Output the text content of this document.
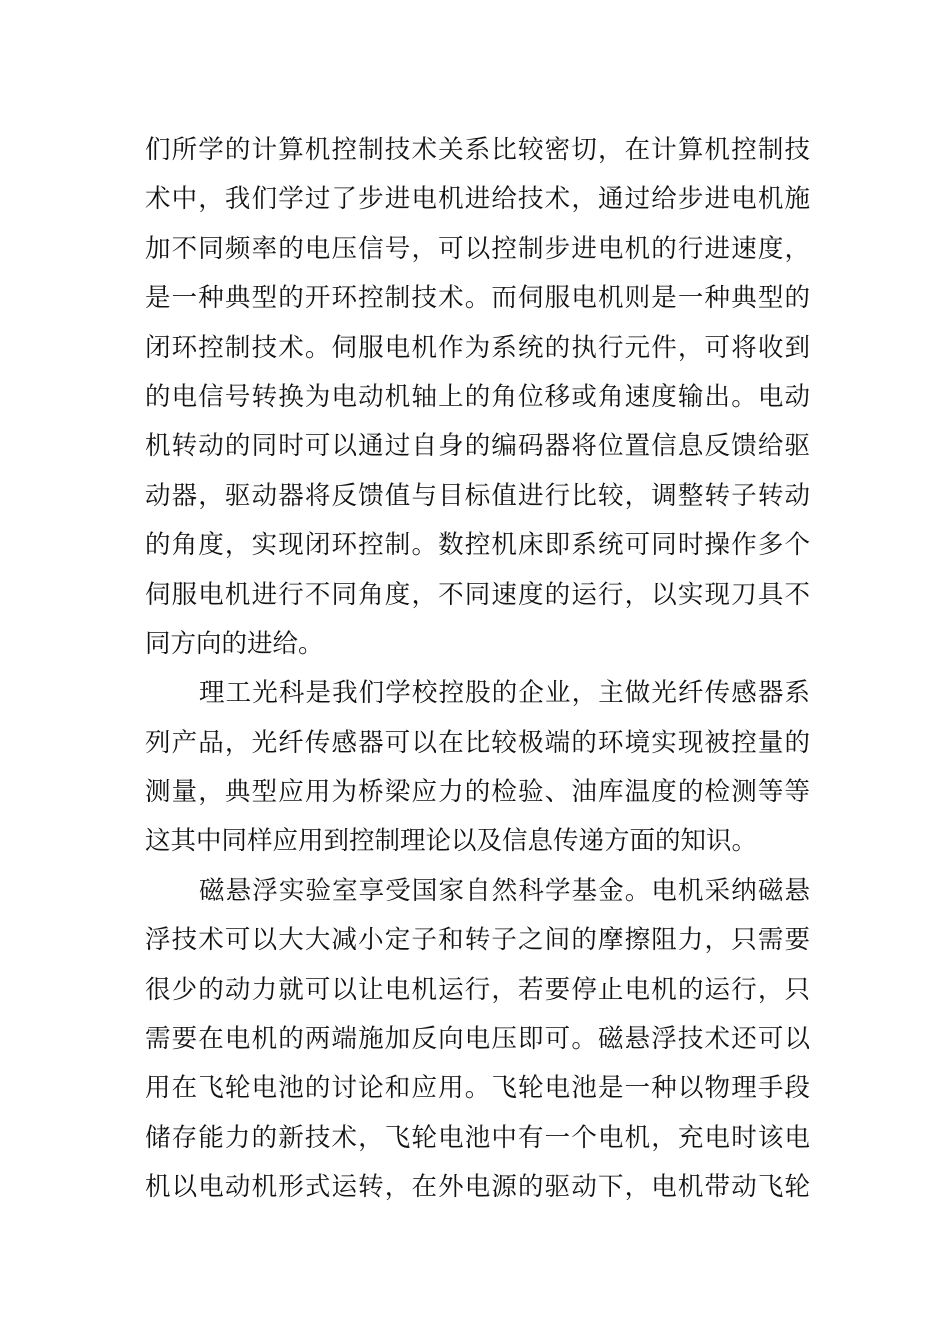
们所学的计算机控制技术关系比较密切，在计算机控制技
术中，我们学过了步进电机进给技术，通过给步进电机施
加不同频率的电压信号，可以控制步进电机的行进速度，
是一种典型的开环控制技术。而伺服电机则是一种典型的
闭环控制技术。伺服电机作为系统的执行元件，可将收到
的电信号转换为电动机轴上的角位移或角速度输出。电动
机转动的同时可以通过自身的编码器将位置信息反馈给驱
动器，驱动器将反馈值与目标值进行比较，调整转子转动
的角度，实现闭环控制。数控机床即系统可同时操作多个
伺服电机进行不同角度，不同速度的运行，以实现刀具不
同方向的进给。
理工光科是我们学校控股的企业，主做光纤传感器系
列产品，光纤传感器可以在比较极端的环境实现被控量的
测量，典型应用为桥梁应力的检验、油库温度的检测等等
这其中同样应用到控制理论以及信息传递方面的知识。
磁悬浮实验室享受国家自然科学基金。电机采纳磁悬
浮技术可以大大减小定子和转子之间的摩擦阻力，只需要
很少的动力就可以让电机运行，若要停止电机的运行，只
需要在电机的两端施加反向电压即可。磁悬浮技术还可以
用在飞轮电池的讨论和应用。飞轮电池是一种以物理手段
储存能力的新技术，飞轮电池中有一个电机，充电时该电
机以电动机形式运转，在外电源的驱动下，电机带动飞轮
